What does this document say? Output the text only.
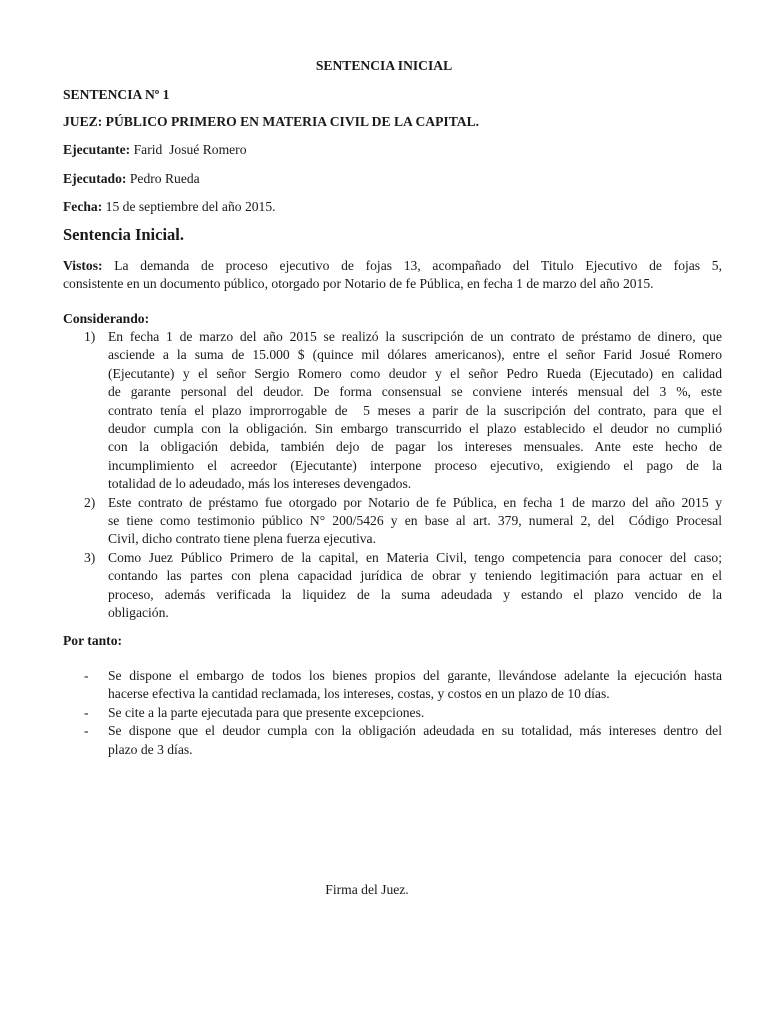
SENTENCIA INICIAL
SENTENCIA Nº 1
JUEZ: PÚBLICO PRIMERO EN MATERIA CIVIL DE LA CAPITAL.
Ejecutante: Farid  Josué Romero
Ejecutado: Pedro Rueda
Fecha: 15 de septiembre del año 2015.
Sentencia Inicial.
Vistos: La demanda de proceso ejecutivo de fojas 13, acompañado del Titulo Ejecutivo de fojas 5,
consistente en un documento público, otorgado por Notario de fe Pública, en fecha 1 de marzo del año 2015.
Considerando:
1) En fecha 1 de marzo del año 2015 se realizó la suscripción de un contrato de préstamo de dinero, que
asciende a la suma de 15.000 $ (quince mil dólares americanos), entre el señor Farid Josué Romero
(Ejecutante) y el señor Sergio Romero como deudor y el señor Pedro Rueda (Ejecutado) en calidad
de garante personal del deudor. De forma consensual se conviene interés mensual del 3 %, este
contrato tenía el plazo improrrogable de  5 meses a parir de la suscripción del contrato, para que el
deudor cumpla con la obligación. Sin embargo transcurrido el plazo establecido el deudor no cumplió
con la obligación debida, también dejo de pagar los intereses mensuales. Ante este hecho de
incumplimiento el acreedor (Ejecutante) interpone proceso ejecutivo, exigiendo el pago de la
totalidad de lo adeudado, más los intereses devengados.
2) Este contrato de préstamo fue otorgado por Notario de fe Pública, en fecha 1 de marzo del año 2015 y
se tiene como testimonio público N° 200/5426 y en base al art. 379, numeral 2, del  Código Procesal
Civil, dicho contrato tiene plena fuerza ejecutiva.
3) Como Juez Público Primero de la capital, en Materia Civil, tengo competencia para conocer del caso;
contando las partes con plena capacidad jurídica de obrar y teniendo legitimación para actuar en el
proceso, además verificada la liquidez de la suma adeudada y estando el plazo vencido de la
obligación.
Por tanto:
- Se dispone el embargo de todos los bienes propios del garante, llevándose adelante la ejecución hasta
hacerse efectiva la cantidad reclamada, los intereses, costas, y costos en un plazo de 10 días.
- Se cite a la parte ejecutada para que presente excepciones.
- Se dispone que el deudor cumpla con la obligación adeudada en su totalidad, más intereses dentro del
plazo de 3 días.
Firma del Juez.
